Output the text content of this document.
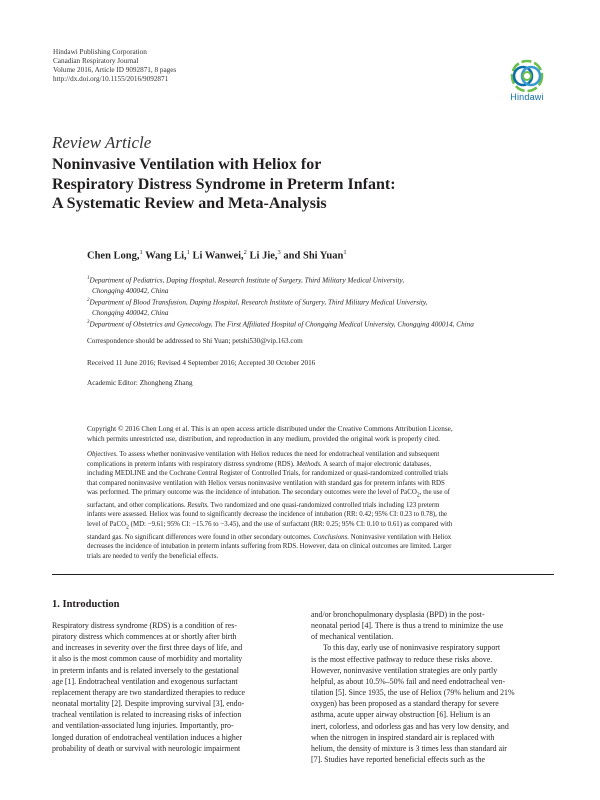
Hindawi Publishing Corporation
Canadian Respiratory Journal
Volume 2016, Article ID 9092871, 8 pages
http://dx.doi.org/10.1155/2016/9092871
Hindawi
Review Article
Noninvasive Ventilation with Heliox for
Respiratory Distress Syndrome in Preterm Infant:
A Systematic Review and Meta-Analysis
Chen Long,$^1$ Wang Li,$^1$ Li Wanwei,$^2$ Li Jie,$^3$ and Shi Yuan$^1$
$^1$Department of Pediatrics, Daping Hospital, Research Institute of Surgery, Third Military Medical University,
Chongqing 400042, China
$^2$Department of Blood Transfusion, Daping Hospital, Research Institute of Surgery, Third Military Medical University,
Chongqing 400042, China
$^3$Department of Obstetrics and Gynecology, The First Affiliated Hospital of Chongqing Medical University, Chongqing 400014, China
Correspondence should be addressed to Shi Yuan; petshi530@vip.163.com
Received 11 June 2016; Revised 4 September 2016; Accepted 30 October 2016
Academic Editor: Zhongheng Zhang
Copyright © 2016 Chen Long et al. This is an open access article distributed under the Creative Commons Attribution License,
which permits unrestricted use, distribution, and reproduction in any medium, provided the original work is properly cited.
Objectives. To assess whether noninvasive ventilation with Heliox reduces the need for endotracheal ventilation and subsequent
complications in preterm infants with respiratory distress syndrome (RDS). Methods. A search of major electronic databases,
including MEDLINE and the Cochrane Central Register of Controlled Trials, for randomized or quasi-randomized controlled trials
that compared noninvasive ventilation with Heliox versus noninvasive ventilation with standard gas for preterm infants with RDS
was performed. The primary outcome was the incidence of intubation. The secondary outcomes were the level of PaCO$_2$, the use of
surfactant, and other complications. Results. Two randomized and one quasi-randomized controlled trials including 123 preterm
infants were assessed. Heliox was found to significantly decrease the incidence of intubation (RR: 0.42; 95% CI: 0.23 to 0.78), the
level of PaCO$_2$ (MD: −9.61; 95% CI: −15.76 to −3.45), and the use of surfactant (RR: 0.25; 95% CI: 0.10 to 0.61) as compared with
standard gas. No significant differences were found in other secondary outcomes. Conclusions. Noninvasive ventilation with Heliox
decreases the incidence of intubation in preterm infants suffering from RDS. However, data on clinical outcomes are limited. Larger
trials are needed to verify the beneficial effects.
1. Introduction
Respiratory distress syndrome (RDS) is a condition of res-
piratory distress which commences at or shortly after birth
and increases in severity over the first three days of life, and
it also is the most common cause of morbidity and mortality
in preterm infants and is related inversely to the gestational
age [1]. Endotracheal ventilation and exogenous surfactant
replacement therapy are two standardized therapies to reduce
neonatal mortality [2]. Despite improving survival [3], endo-
tracheal ventilation is related to increasing risks of infection
and ventilation-associated lung injuries. Importantly, pro-
longed duration of endotracheal ventilation induces a higher
probability of death or survival with neurologic impairment
and/or bronchopulmonary dysplasia (BPD) in the post-
neonatal period [4]. There is thus a trend to minimize the use
of mechanical ventilation.
To this day, early use of noninvasive respiratory support
is the most effective pathway to reduce these risks above.
However, noninvasive ventilation strategies are only partly
helpful, as about 10.5%–50% fail and need endotracheal ven-
tilation [5]. Since 1935, the use of Heliox (79% helium and 21%
oxygen) has been proposed as a standard therapy for severe
asthma, acute upper airway obstruction [6]. Helium is an
inert, colorless, and odorless gas and has very low density, and
when the nitrogen in inspired standard air is replaced with
helium, the density of mixture is 3 times less than standard air
[7]. Studies have reported beneficial effects such as the
